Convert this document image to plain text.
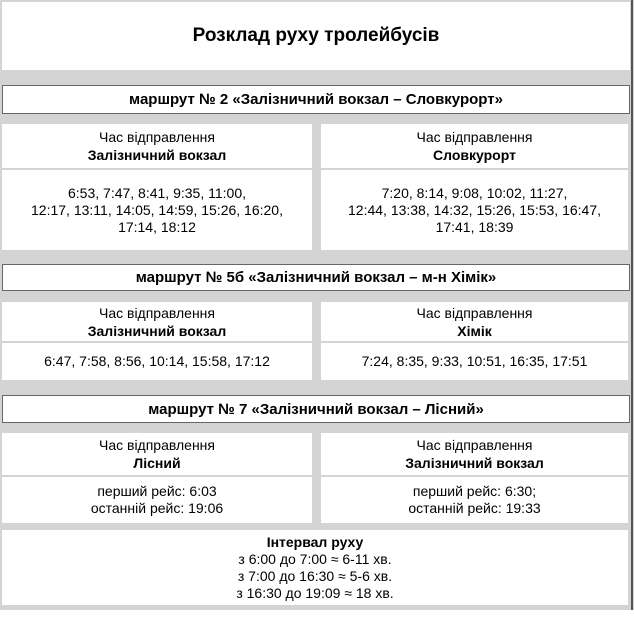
Розклад руху тролейбусів
маршрут № 2 «Залізничний вокзал – Словкурорт»
Час відправлення
Залізничний вокзал
Час відправлення
Словкурорт
6:53, 7:47, 8:41, 9:35, 11:00,
12:17, 13:11, 14:05, 14:59, 15:26, 16:20,
17:14, 18:12
7:20, 8:14, 9:08, 10:02, 11:27,
12:44, 13:38, 14:32, 15:26, 15:53, 16:47,
17:41, 18:39
маршрут № 5б «Залізничний вокзал – м-н Хімік»
Час відправлення
Залізничний вокзал
Час відправлення
Хімік
6:47, 7:58, 8:56, 10:14, 15:58, 17:12	7:24, 8:35, 9:33, 10:51, 16:35, 17:51
маршрут № 7 «Залізничний вокзал – Лісний»
Час відправлення
Лісний
Час відправлення
Залізничний вокзал
перший рейс: 6:03
останній рейс: 19:06
перший рейс: 6:30;
останній рейс: 19:33
Інтервал руху
з 6:00 до 7:00 ≈ 6-11 хв.
з 7:00 до 16:30 ≈ 5-6 хв.
з 16:30 до 19:09 ≈ 18 хв.
